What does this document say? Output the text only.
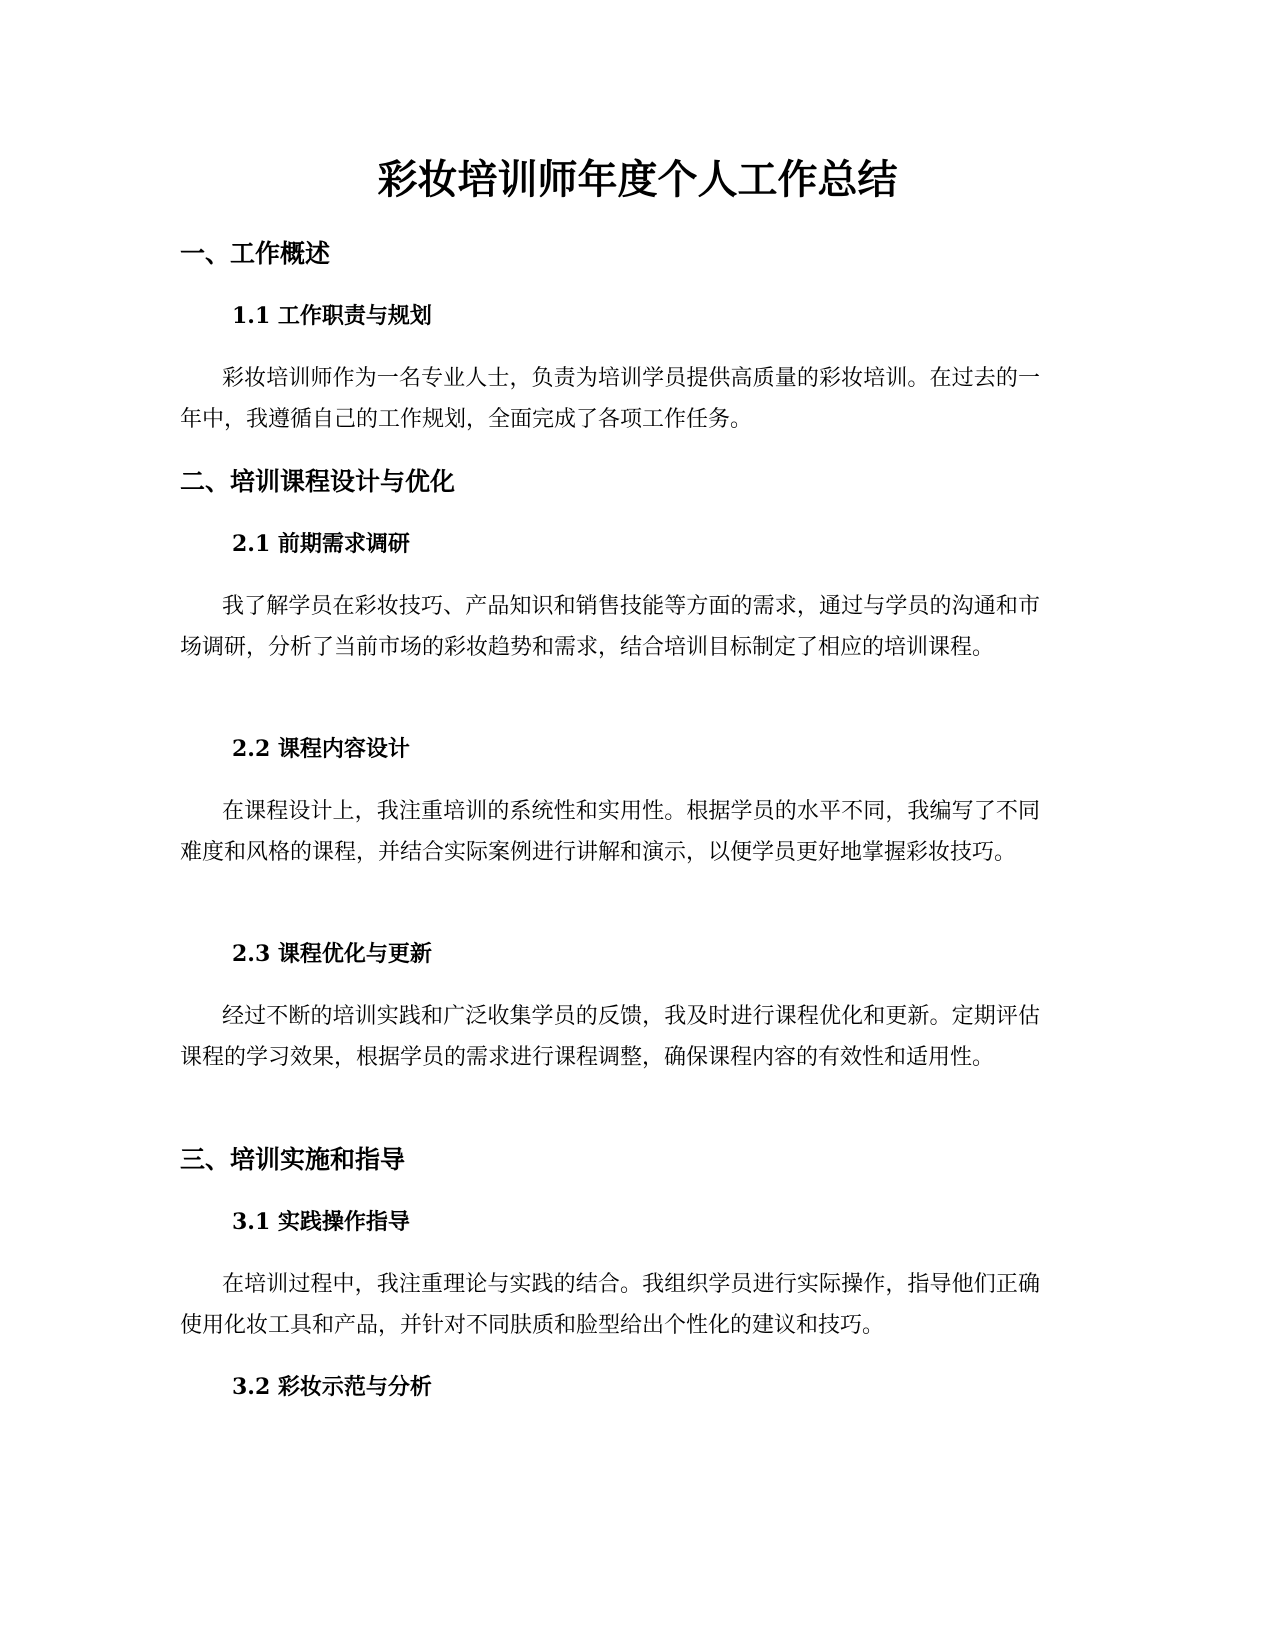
彩妆培训师年度个人工作总结
一、工作概述
1.1 工作职责与规划

彩妆培训师作为一名专业人士，负责为培训学员提供高质量的彩妆培训。在过去的一年中，我遵循自己的工作规划，全面完成了各项工作任务。

二、培训课程设计与优化
2.1 前期需求调研

我了解学员在彩妆技巧、产品知识和销售技能等方面的需求，通过与学员的沟通和市场调研，分析了当前市场的彩妆趋势和需求，结合培训目标制定了相应的培训课程。

2.2 课程内容设计

在课程设计上，我注重培训的系统性和实用性。根据学员的水平不同，我编写了不同难度和风格的课程，并结合实际案例进行讲解和演示，以便学员更好地掌握彩妆技巧。

2.3 课程优化与更新

经过不断的培训实践和广泛收集学员的反馈，我及时进行课程优化和更新。定期评估课程的学习效果，根据学员的需求进行课程调整，确保课程内容的有效性和适用性。

三、培训实施和指导
3.1 实践操作指导

在培训过程中，我注重理论与实践的结合。我组织学员进行实际操作，指导他们正确使用化妆工具和产品，并针对不同肤质和脸型给出个性化的建议和技巧。

3.2 彩妆示范与分析
